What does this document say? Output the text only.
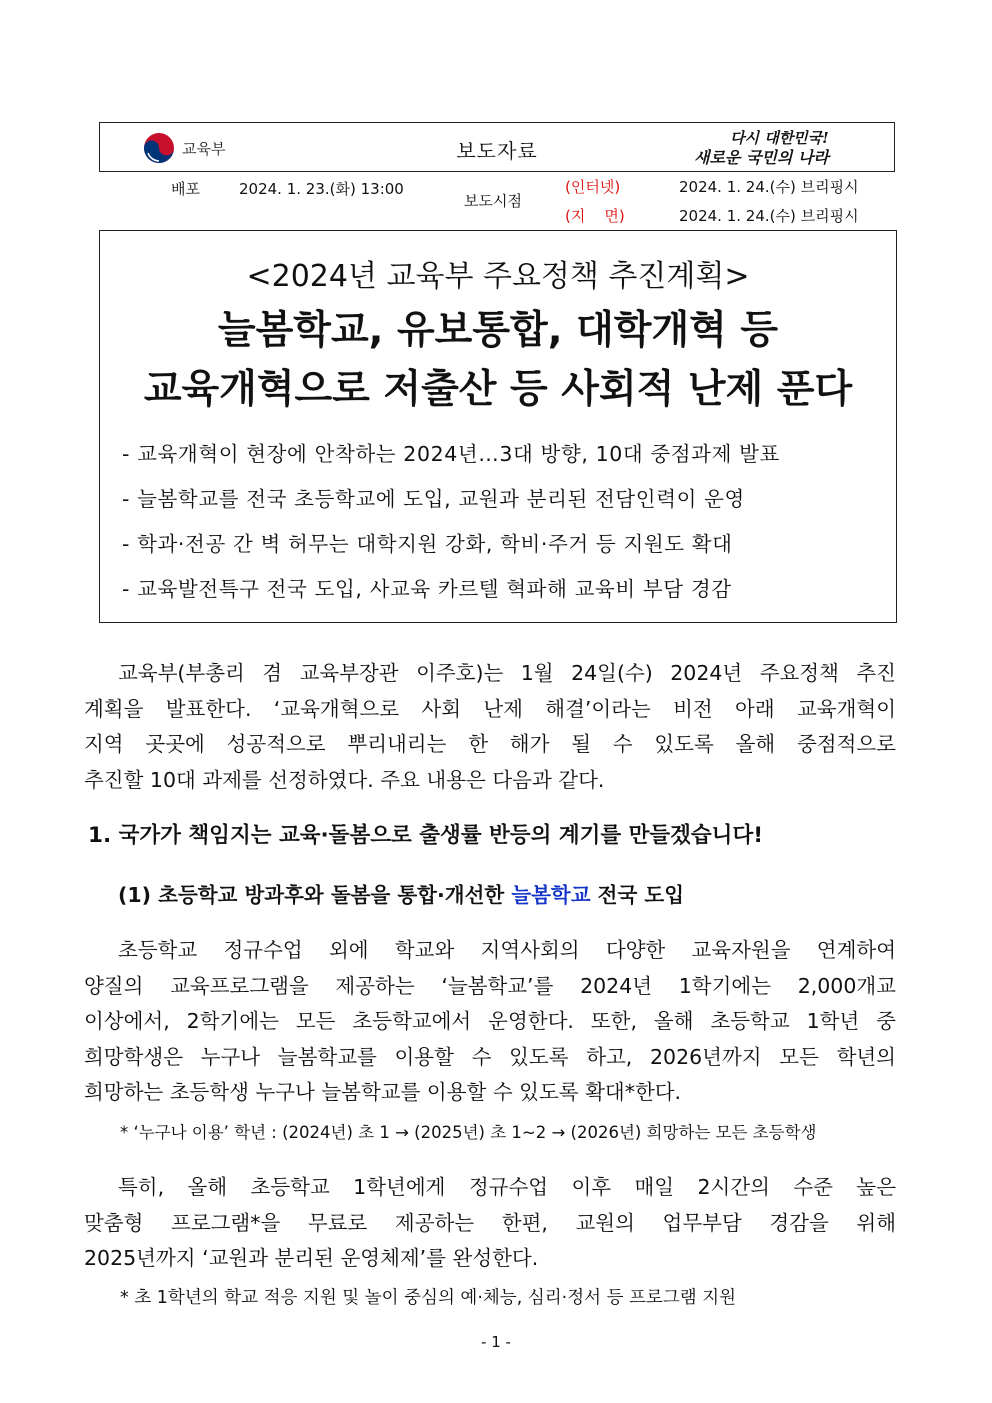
교육부	보도자료
다시 대한민국!
새로운 국민의 나라
배포	2024. 1. 23.(화) 13:00
보도시점
(인터넷)	2024. 1. 24.(수) 브리핑시
(지    면)	2024. 1. 24.(수) 브리핑시
<2024년 교육부 주요정책 추진계획>
늘봄학교, 유보통합, 대학개혁 등
교육개혁으로 저출산 등 사회적 난제 푼다
- 교육개혁이 현장에 안착하는 2024년…3대 방향, 10대 중점과제 발표
- 늘봄학교를 전국 초등학교에 도입, 교원과 분리된 전담인력이 운영
- 학과·전공 간 벽 허무는 대학지원 강화, 학비·주거 등 지원도 확대
- 교육발전특구 전국 도입, 사교육 카르텔 혁파해 교육비 부담 경감
교육부(부총리 겸 교육부장관 이주호)는 1월 24일(수) 2024년 주요정책 추진
계획을 발표한다. ‘교육개혁으로 사회 난제 해결’이라는 비전 아래 교육개혁이
지역 곳곳에 성공적으로 뿌리내리는 한 해가 될 수 있도록 올해 중점적으로
추진할 10대 과제를 선정하였다. 주요 내용은 다음과 같다.
1. 국가가 책임지는 교육·돌봄으로 출생률 반등의 계기를 만들겠습니다!
(1) 초등학교 방과후와 돌봄을 통합·개선한 늘봄학교 전국 도입
초등학교 정규수업 외에 학교와 지역사회의 다양한 교육자원을 연계하여
양질의 교육프로그램을 제공하는 ‘늘봄학교’를 2024년 1학기에는 2,000개교
이상에서, 2학기에는 모든 초등학교에서 운영한다. 또한, 올해 초등학교 1학년 중
희망학생은 누구나 늘봄학교를 이용할 수 있도록 하고, 2026년까지 모든 학년의
희망하는 초등학생 누구나 늘봄학교를 이용할 수 있도록 확대*한다.
* ‘누구나 이용’ 학년 : (2024년) 초 1 → (2025년) 초 1~2 → (2026년) 희망하는 모든 초등학생
특히, 올해 초등학교 1학년에게 정규수업 이후 매일 2시간의 수준 높은
맞춤형 프로그램*을 무료로 제공하는 한편, 교원의 업무부담 경감을 위해
2025년까지 ‘교원과 분리된 운영체제’를 완성한다.
* 초 1학년의 학교 적응 지원 및 놀이 중심의 예·체능, 심리·정서 등 프로그램 지원
- 1 -
